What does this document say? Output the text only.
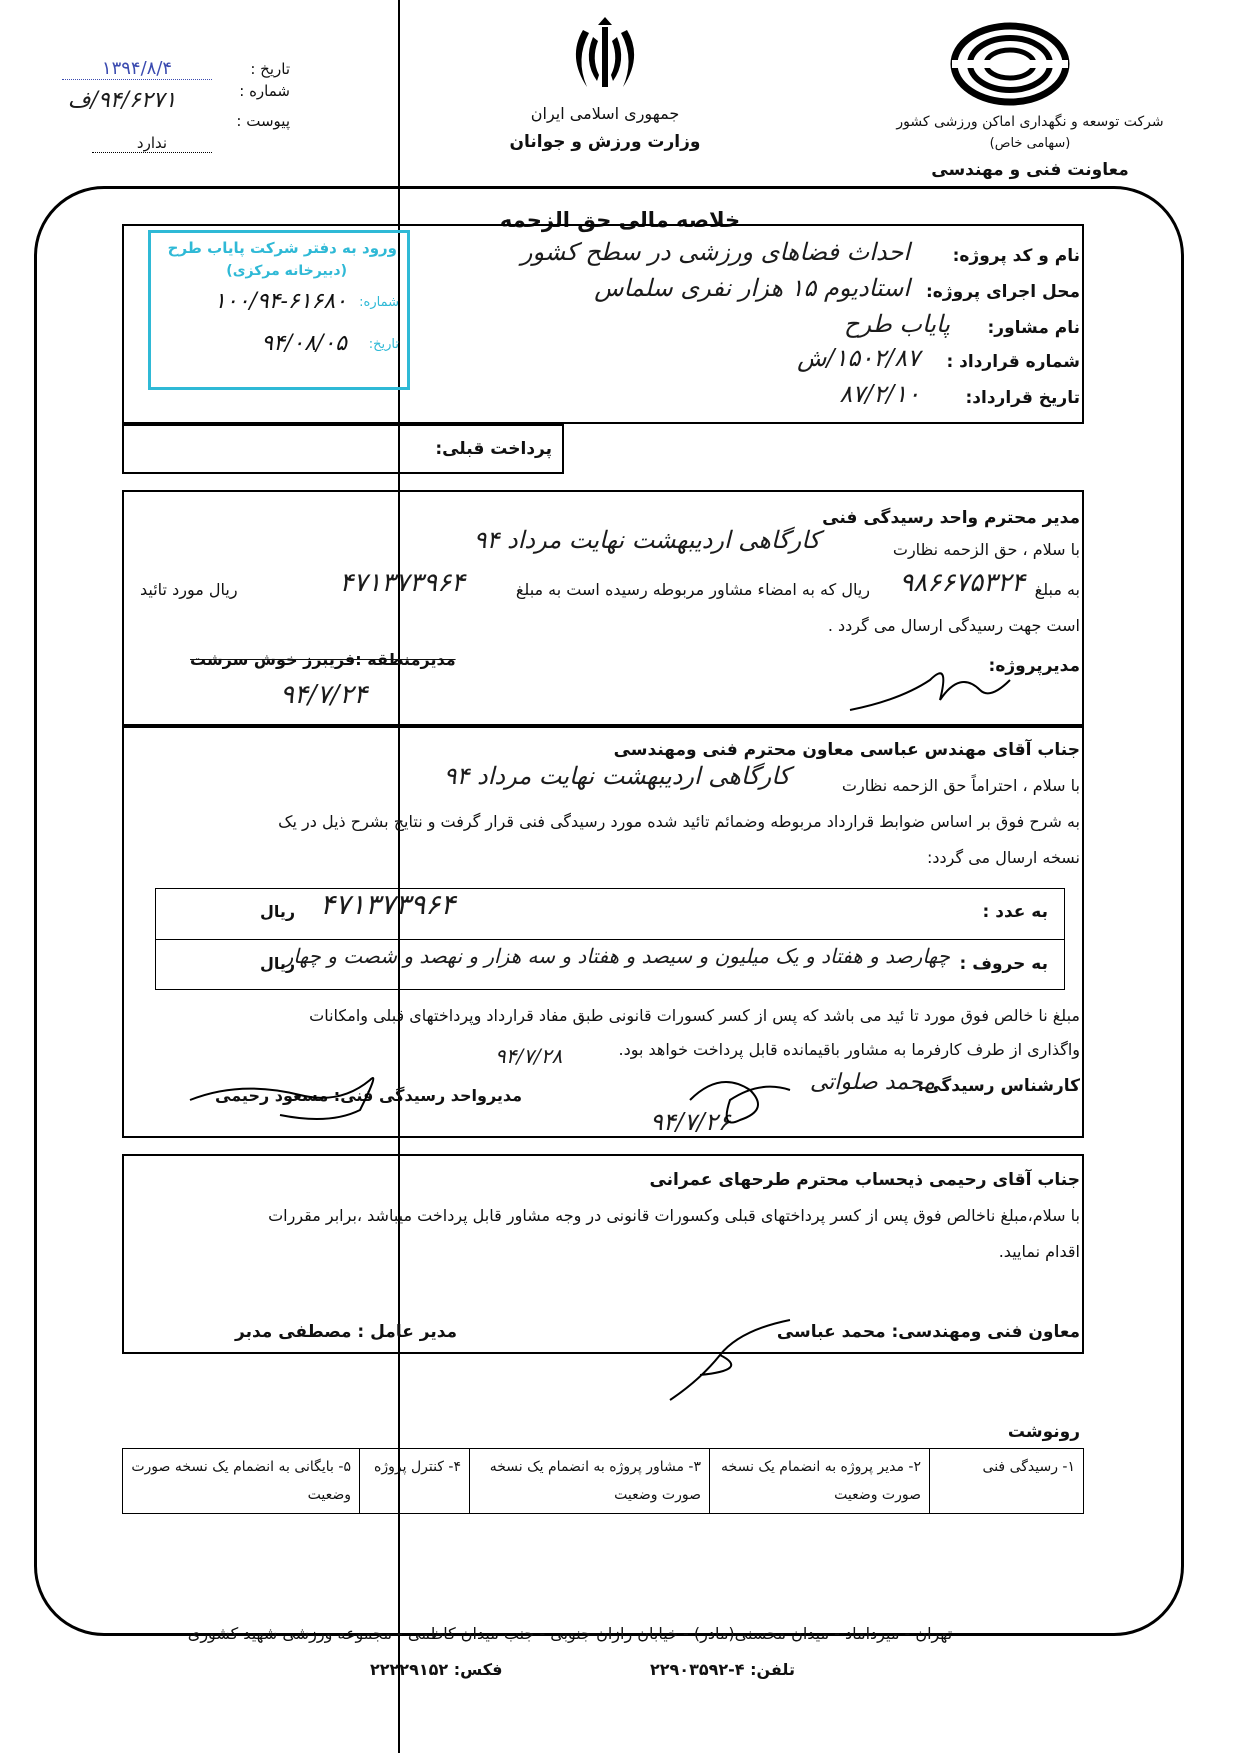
تاریخ :
شماره :
پیوست :
۱۳۹۴/۸/۴
۹۴/۶۲۷۱/ف
ندارد
جمهوری اسلامی ایران
وزارت ورزش و جوانان
شرکت توسعه و نگهداری اماکن ورزشی کشور
(سهامی خاص)
معاونت فنی و مهندسی
خلاصه مالی حق الزحمه
نام و کد پروژه:
احداث فضاهای ورزشی در سطح کشور
محل اجرای پروژه:
استادیوم ۱۵ هزار نفری سلماس
نام مشاور:
پایاب طرح
شماره قرارداد :
۱۵۰۲/۸۷/ش
تاریخ قرارداد:
۸۷/۲/۱۰
ورود به دفتر شرکت پایاب طرح
(دبیرخانه مرکزی)
شماره:
۱۰۰/۹۴-۶۱۶۸۰
تاریخ:
۹۴/۰۸/۰۵
پرداخت قبلی:
مدیر محترم واحد رسیدگی فنی
با سلام ، حق الزحمه نظارت
کارگاهی اردیبهشت نهایت مرداد ۹۴
به مبلغ
۹۸۶۶۷۵۳۲۴
ریال که به امضاء مشاور مربوطه رسیده است به مبلغ
۴۷۱۳۷۳۹۶۴
ریال مورد تائید
است جهت رسیدگی ارسال می گردد .
مدیرپروژه:
مدیرمنطقه :فریبرز خوش سرشت
۹۴/۷/۲۴
جناب آقای مهندس عباسی معاون محترم فنی ومهندسی
با سلام ، احتراماً حق الزحمه نظارت
کارگاهی اردیبهشت نهایت مرداد ۹۴
به شرح فوق بر اساس ضوابط قرارداد مربوطه وضمائم تائید شده مورد رسیدگی فنی قرار گرفت و نتایج بشرح ذیل در یک
نسخه ارسال می گردد:
به عدد :
۴۷۱۳۷۳۹۶۴
ریال
به حروف :
چهارصد و هفتاد و یک میلیون و سیصد و هفتاد و سه هزار و نهصد و شصت و چهار
ریال
مبلغ نا خالص فوق مورد تا ئید می باشد که پس از کسر کسورات قانونی طبق مفاد قرارداد وپرداختهای قبلی وامکانات
واگذاری از طرف کارفرما به مشاور باقیمانده قابل پرداخت خواهد بود.
کارشناس رسیدگی:
محمد صلواتی
۹۴/۷/۲۶
مدیرواحد رسیدگی فنی: مسعود رحیمی
۹۴/۷/۲۸
جناب آقای رحیمی ذیحساب محترم طرحهای عمرانی
با سلام،مبلغ ناخالص فوق پس از کسر پرداختهای قبلی وکسورات قانونی در وجه مشاور قابل پرداخت میباشد ،برابر مقررات
اقدام نمایید.
معاون فنی ومهندسی: محمد عباسی
مدیر عامل : مصطفی مدبر
رونوشت
۱- رسیدگی فنی
۲- مدیر پروژه به انضمام یک نسخه صورت وضعیت
۳- مشاور پروژه به انضمام یک نسخه صورت وضعیت
۴- کنترل پروژه
۵- بایگانی به انضمام یک نسخه صورت وضعیت
تهران - میرداماد - میدان محسنی(مادر) - خیابان رازان جنوبی - جنب میدان کاظمی - مجموعه ورزشی شهید کشوری
تلفن: ۴-۲۲۹۰۳۵۹۲
فکس: ۲۲۲۲۹۱۵۲
